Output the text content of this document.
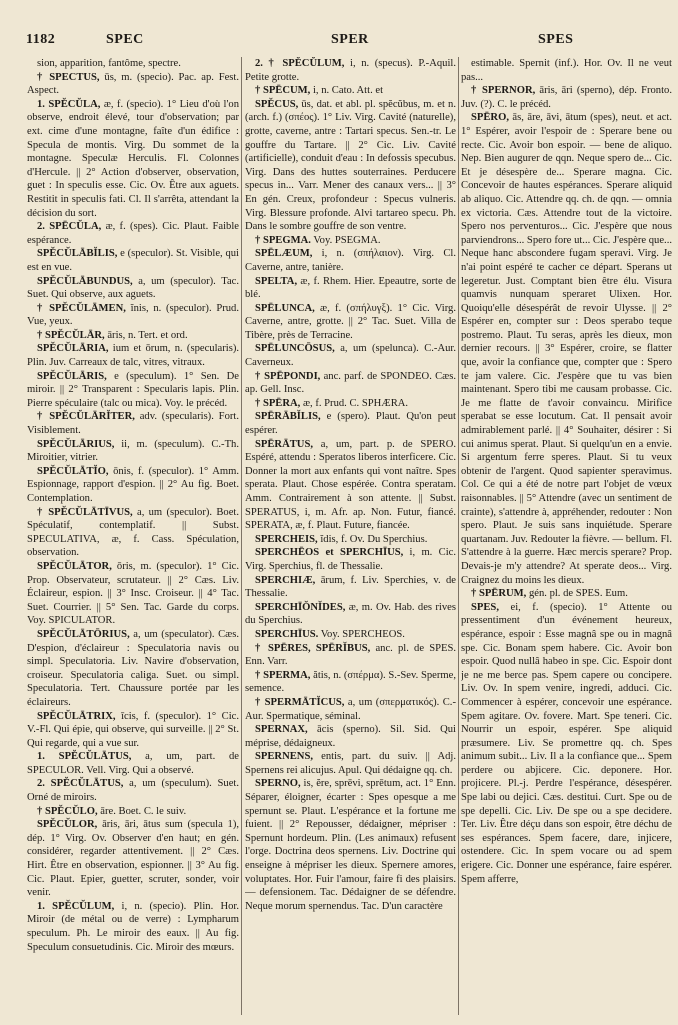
1182	SPEC	SPER	SPES

sion, apparition, fantôme, spectre.

† SPECTUS, ūs, m. (specio). Pac. ap. Fest. Aspect.

1. SPĔCŬLA, æ, f. (specio). 1° Lieu d'où l'on observe, endroit élevé, tour d'observation; par ext. cime d'une montagne, faîte d'un édifice : Specula de montis. Virg. Du sommet de la montagne. Speculæ Herculis. Fl. Colonnes d'Hercule. || 2° Action d'observer, observation, guet : In speculis esse. Cic. Ov. Être aux aguets. Restitit in speculis fati. Cl. Il s'arrêta, attendant la décision du sort.

2. SPĒCŬLA, æ, f. (spes). Cic. Plaut. Faible espérance.

SPĔCŬLĀBĬLIS, e (speculor). St. Visible, qui est en vue.

SPĔCŬLĀBUNDUS, a, um (speculor). Tac. Suet. Qui observe, aux aguets.

† SPĔCŬLĀMEN, ĭnis, n. (speculor). Prud. Vue, yeux.

† SPĔCŬLĀR, āris, n. Tert. et ord.

SPĔCŬLĀRIA, ium et ōrum, n. (specularis). Plin. Juv. Carreaux de talc, vitres, vitraux.

SPĔCŬLĀRIS, e (speculum). 1° Sen. De miroir. || 2° Transparent : Specularis lapis. Plin. Pierre spéculaire (talc ou mica). Voy. le précéd.

† SPĔCŬLĀRĬTER, adv. (specularis). Fort. Visiblement.

SPĔCŬLĀRIUS, ii, m. (speculum). C.-Th. Miroitier, vitrier.

SPĔCŬLĀTĬO, ōnis, f. (speculor). 1° Amm. Espionnage, rapport d'espion. || 2° Au fig. Boet. Contemplation.

† SPĔCŬLĀTĪVUS, a, um (speculor). Boet. Spéculatif, contemplatif. || Subst. SPECULATIVA, æ, f. Cass. Spéculation, observation.

SPĔCŬLĀTOR, ōris, m. (speculor). 1° Cic. Prop. Observateur, scrutateur. || 2° Cæs. Liv. Éclaireur, espion. || 3° Insc. Croiseur. || 4° Tac. Suet. Courrier. || 5° Sen. Tac. Garde du corps. Voy. SPICULATOR.

SPĔCŬLĀTŌRIUS, a, um (speculator). Cæs. D'espion, d'éclaireur : Speculatoria navis ou simpl. Speculatoria. Liv. Navire d'observation, croiseur. Speculatoria caliga. Suet. ou simpl. Speculatoria. Tert. Chaussure portée par les éclaireurs.

SPĔCŬLĀTRIX, īcis, f. (speculor). 1° Cic. V.-Fl. Qui épie, qui observe, qui surveille. || 2° St. Qui regarde, qui a vue sur.

1. SPĔCŬLĀTUS, a, um, part. de SPECULOR. Vell. Virg. Qui a observé.

2. SPĔCŬLĀTUS, a, um (speculum). Suet. Orné de miroirs.

† SPĔCŬLO, āre. Boet. C. le suiv.

SPĔCŬLOR, āris, āri, ātus sum (specula 1), dép. 1° Virg. Ov. Observer d'en haut; en gén. considérer, regarder attentivement. || 2° Cæs. Hirt. Être en observation, espionner. || 3° Au fig. Cic. Plaut. Epier, guetter, scruter, sonder, voir venir.

1. SPĔCŬLUM, i, n. (specio). Plin. Hor. Miroir (de métal ou de verre) : Lympharum speculum. Ph. Le miroir des eaux. || Au fig. Speculum consuetudinis. Cic. Miroir des mœurs.

2. † SPĔCŬLUM, i, n. (specus). P.-Aquil. Petite grotte.

† SPĒCUM, i, n. Cato. Att. et

SPĔCUS, ūs, dat. et abl. pl. spĕcŭbus, m. et n. (arch. f.) (σπέος). 1° Liv. Virg. Cavité (naturelle), grotte, caverne, antre : Tartari specus. Sen.-tr. Le gouffre du Tartare. || 2° Cic. Liv. Cavité (artificielle), conduit d'eau : In defossis specubus. Virg. Dans des huttes souterraines. Perducere specus in... Varr. Mener des canaux vers... || 3° En gén. Creux, profondeur : Specus vulneris. Virg. Blessure profonde. Alvi tartareo specu. Ph. Dans le sombre gouffre de son ventre.

† SPEGMA. Voy. PSEGMA.

SPĒLÆUM, i, n. (σπήλαιον). Virg. Cl. Caverne, antre, tanière.

SPELTA, æ, f. Rhem. Hier. Epeautre, sorte de blé.

SPĒLUNCA, æ, f. (σπήλυγξ). 1° Cic. Virg. Caverne, antre, grotte. || 2° Tac. Suet. Villa de Tibère, près de Terracine.

SPĒLUNCŌSUS, a, um (spelunca). C.-Aur. Caverneux.

† SPĒPONDI, anc. parf. de SPONDEO. Cæs. ap. Gell. Insc.

† SPĒRA, æ, f. Prud. C. SPHÆRA.

SPĒRĀBĬLIS, e (spero). Plaut. Qu'on peut espérer.

SPĒRĀTUS, a, um, part. p. de SPERO. Espéré, attendu : Speratos liberos interficere. Cic. Donner la mort aux enfants qui vont naître. Spes sperata. Plaut. Chose espérée. Contra speratam. Amm. Contrairement à son attente. || Subst. SPERATUS, i, m. Afr. ap. Non. Futur, fiancé. SPERATA, æ, f. Plaut. Future, fiancée.

SPERCHEIS, ĭdis, f. Ov. Du Sperchius.

SPERCHĒOS et SPERCHĪUS, i, m. Cic. Virg. Sperchius, fl. de Thessalie.

SPERCHIÆ, ārum, f. Liv. Sperchies, v. de Thessalie.

SPERCHĪŎNĬDES, æ, m. Ov. Hab. des rives du Sperchius.

SPERCHĪUS. Voy. SPERCHEOS.

† SPĒRES, SPĒRĬBUS, anc. pl. de SPES. Enn. Varr.

† SPERMA, ătis, n. (σπέρμα). S.-Sev. Sperme, semence.

† SPERMĀTĬCUS, a, um (σπερματικός). C.-Aur. Spermatique, séminal.

SPERNAX, ācis (sperno). Sil. Sid. Qui méprise, dédaigneux.

SPERNENS, entis, part. du suiv. || Adj. Spernens rei alicujus. Apul. Qui dédaigne qq. ch.

SPERNO, is, ĕre, sprēvi, sprētum, act. 1° Enn. Séparer, éloigner, écarter : Spes opesque a me spernunt se. Plaut. L'espérance et la fortune me fuient. || 2° Repousser, dédaigner, mépriser : Spernunt hordeum. Plin. (Les animaux) refusent l'orge. Doctrina deos spernens. Liv. Doctrine qui enseigne à mépriser les dieux. Spernere amores, voluptates. Hor. Fuir l'amour, faire fi des plaisirs. — defensionem. Tac. Dédaigner de se défendre. Neque morum spernendus. Tac. D'un caractère

estimable. Spernit (inf.). Hor. Ov. Il ne veut pas...

† SPERNOR, āris, āri (sperno), dép. Fronto. Juv. (?). C. le précéd.

SPĒRO, ās, āre, āvi, ātum (spes), neut. et act. 1° Espérer, avoir l'espoir de : Sperare bene ou recte. Cic. Avoir bon espoir. — bene de aliquo. Nep. Bien augurer de qqn. Neque spero de... Cic. Et je désespère de... Sperare magna. Cic. Concevoir de hautes espérances. Sperare aliquid ab aliquo. Cic. Attendre qq. ch. de qqn. — omnia ex victoria. Cæs. Attendre tout de la victoire. Spero nos perventuros... Cic. J'espère que nous parviendrons... Spero fore ut... Cic. J'espère que... Neque hanc abscondere fugam speravi. Virg. Je n'ai point espéré te cacher ce départ. Sperans ut legeretur. Just. Comptant bien être élu. Visura quamvis nunquam speraret Ulixen. Hor. Quoiqu'elle désespérât de revoir Ulysse. || 2° Espérer en, compter sur : Deos sperabo teque postremo. Plaut. Tu seras, après les dieux, mon dernier recours. || 3° Espérer, croire, se flatter que, avoir la confiance que, compter que : Spero te jam valere. Cic. J'espère que tu vas bien maintenant. Spero tibi me causam probasse. Cic. Je me flatte de t'avoir convaincu. Mirifice sperabat se esse locutum. Cat. Il pensait avoir admirablement parlé. || 4° Souhaiter, désirer : Si cui animus sperat. Plaut. Si quelqu'un en a envie. Si argentum ferre speres. Plaut. Si tu veux obtenir de l'argent. Quod sapienter speravimus. Col. Ce qui a été de notre part l'objet de vœux raisonnables. || 5° Attendre (avec un sentiment de crainte), s'attendre à, appréhender, redouter : Non spero. Plaut. Je suis sans inquiétude. Sperare quartanam. Juv. Redouter la fièvre. — bellum. Fl. S'attendre à la guerre. Hæc mercis sperare? Prop. Devais-je m'y attendre? At sperate deos... Virg. Craignez du moins les dieux.

† SPĒRUM, gén. pl. de SPES. Eum.

SPES, ei, f. (specio). 1° Attente ou pressentiment d'un événement heureux, espérance, espoir : Esse magnâ spe ou in magnâ spe. Cic. Bonam spem habere. Cic. Avoir bon espoir. Quod nullâ habeo in spe. Cic. Espoir dont je ne me berce pas. Spem capere ou concipere. Liv. Ov. In spem venire, ingredi, adduci. Cic. Commencer à espérer, concevoir une espérance. Spem agitare. Ov. fovere. Mart. Spe teneri. Cic. Nourrir un espoir, espérer. Spe aliquid præsumere. Liv. Se promettre qq. ch. Spes animum subit... Liv. Il a la confiance que... Spem perdere ou abjicere. Cic. deponere. Hor. projicere. Pl.-j. Perdre l'espérance, désespérer. Spe labi ou dejici. Cæs. destitui. Curt. Spe ou de spe depelli. Cic. Liv. De spe ou a spe decidere. Ter. Liv. Être déçu dans son espoir, être déchu de ses espérances. Spem facere, dare, injicere, ostendere. Cic. In spem vocare ou ad spem erigere. Cic. Donner une espérance, faire espérer. Spem afferre,
